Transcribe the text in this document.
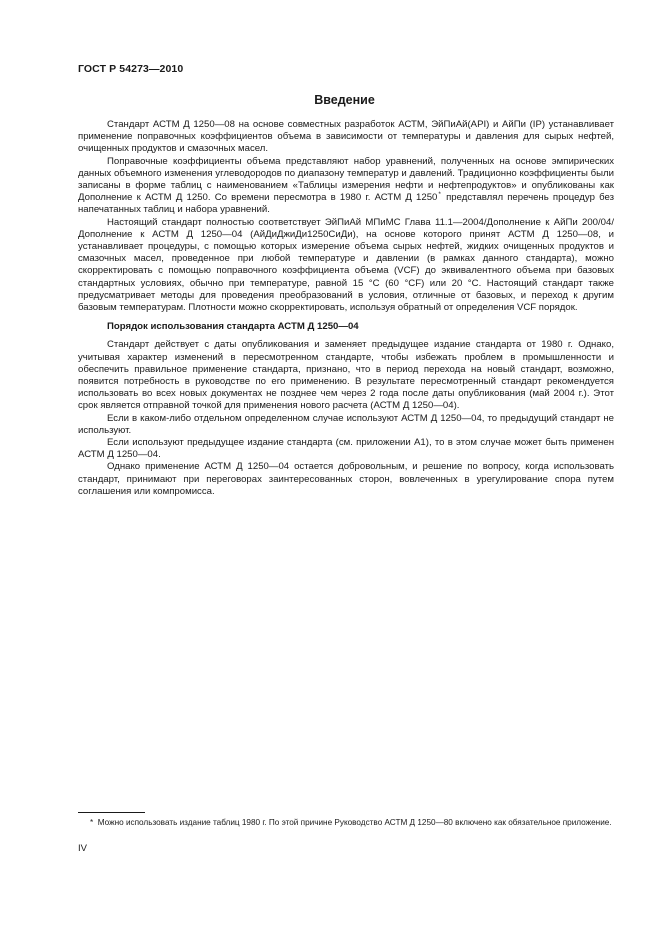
ГОСТ Р 54273—2010
Введение

Стандарт АСТМ Д 1250—08 на основе совместных разработок АСТМ, ЭйПиАй(API) и АйПи (IP) устанавливает применение поправочных коэффициентов объема в зависимости от температуры и давления для сырых нефтей, очищенных продуктов и смазочных масел.

Поправочные коэффициенты объема представляют набор уравнений, полученных на основе эмпирических данных объемного изменения углеводородов по диапазону температур и давлений. Традиционно коэффициенты были записаны в форме таблиц с наименованием «Таблицы измерения нефти и нефтепродуктов» и опубликованы как Дополнение к АСТМ Д 1250. Со времени пересмотра в 1980 г. АСТМ Д 1250* представлял перечень процедур без напечатанных таблиц и набора уравнений.

Настоящий стандарт полностью соответствует ЭйПиАй МПиМС Глава 11.1—2004/Дополнение к АйПи 200/04/Дополнение к АСТМ Д 1250—04 (АйДиДжиДи1250СиДи), на основе которого принят АСТМ Д 1250—08, и устанавливает процедуры, с помощью которых измерение объема сырых нефтей, жидких очищенных продуктов и смазочных масел, проведенное при любой температуре и давлении (в рамках данного стандарта), можно скорректировать с помощью поправочного коэффициента объема (VCF) до эквивалентного объема при базовых стандартных условиях, обычно при температуре, равной 15 °C (60 °CF) или 20 °C. Настоящий стандарт также предусматривает методы для проведения преобразований в условия, отличные от базовых, и переход к другим базовым температурам. Плотности можно скорректировать, используя обратный от определения VCF порядок.

Порядок использования стандарта АСТМ Д 1250—04

Стандарт действует с даты опубликования и заменяет предыдущее издание стандарта от 1980 г. Однако, учитывая характер изменений в пересмотренном стандарте, чтобы избежать проблем в промышленности и обеспечить правильное применение стандарта, признано, что в период перехода на новый стандарт, возможно, появится потребность в руководстве по его применению. В результате пересмотренный стандарт рекомендуется использовать во всех новых документах не позднее чем через 2 года после даты опубликования (май 2004 г.). Этот срок является отправной точкой для применения нового расчета (АСТМ Д 1250—04).

Если в каком-либо отдельном определенном случае используют АСТМ Д 1250—04, то предыдущий стандарт не используют.

Если используют предыдущее издание стандарта (см. приложении А1), то в этом случае может быть применен АСТМ Д 1250—04.

Однако применение АСТМ Д 1250—04 остается добровольным, и решение по вопросу, когда использовать стандарт, принимают при переговорах заинтересованных сторон, вовлеченных в урегулирование спора путем соглашения или компромисса.

* Можно использовать издание таблиц 1980 г. По этой причине Руководство АСТМ Д 1250—80 включено как обязательное приложение.
IV
